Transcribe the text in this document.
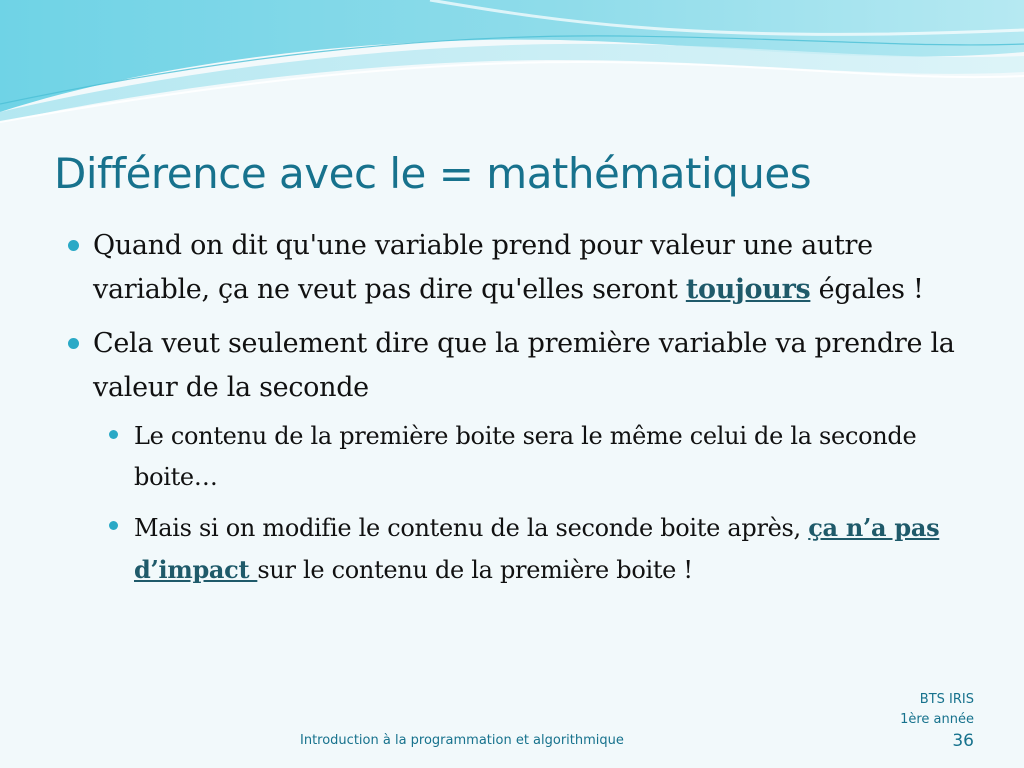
Différence avec le = mathématiques
Quand on dit qu'une variable prend pour valeur une autre variable, ça ne veut pas dire qu'elles seront toujours égales !
Cela veut seulement dire que la première variable va prendre la valeur de la seconde
Le contenu de la première boite sera le même celui de la seconde boite…
Mais si on modifie le contenu de la seconde boite après, ça n’a pas d’impact sur le contenu de la première boite !
Introduction à la programmation et algorithmique
BTS IRIS
1ère année
36
